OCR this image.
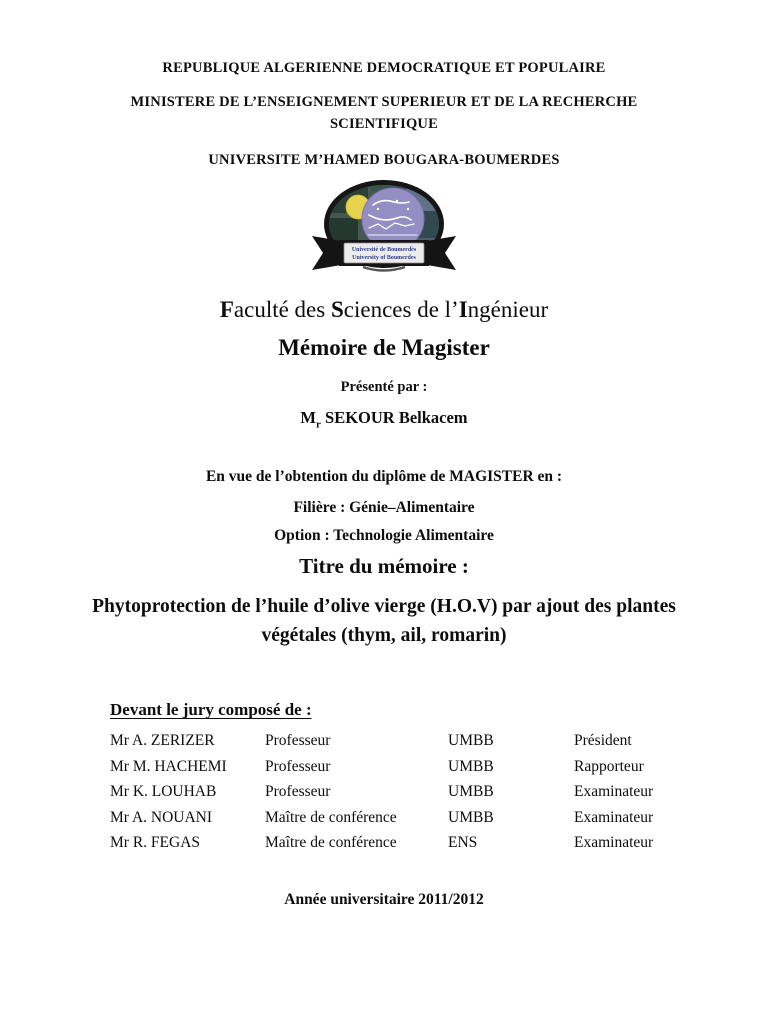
REPUBLIQUE ALGERIENNE DEMOCRATIQUE ET POPULAIRE
MINISTERE DE L’ENSEIGNEMENT SUPERIEUR ET DE LA RECHERCHE SCIENTIFIQUE
UNIVERSITE M’HAMED BOUGARA-BOUMERDES
Université de Boumerdès
University of Boumerdes
Faculté des Sciences de l’Ingénieur
Mémoire de Magister
Présenté par :
$M_r$ SEKOUR Belkacem
En vue de l’obtention du diplôme de MAGISTER en :
Filière : Génie–Alimentaire
Option : Technologie Alimentaire
Titre du mémoire :
Phytoprotection de l’huile d’olive vierge (H.O.V) par ajout des plantes végétales (thym, ail, romarin)
Devant le jury composé de :
Mr A. ZERIZER	Professeur	UMBB	Président
Mr M. HACHEMI	Professeur	UMBB	Rapporteur
Mr K. LOUHAB	Professeur	UMBB	Examinateur
Mr A. NOUANI	Maître de conférence	UMBB	Examinateur
Mr R. FEGAS	Maître de conférence	ENS	Examinateur
Année universitaire 2011/2012
